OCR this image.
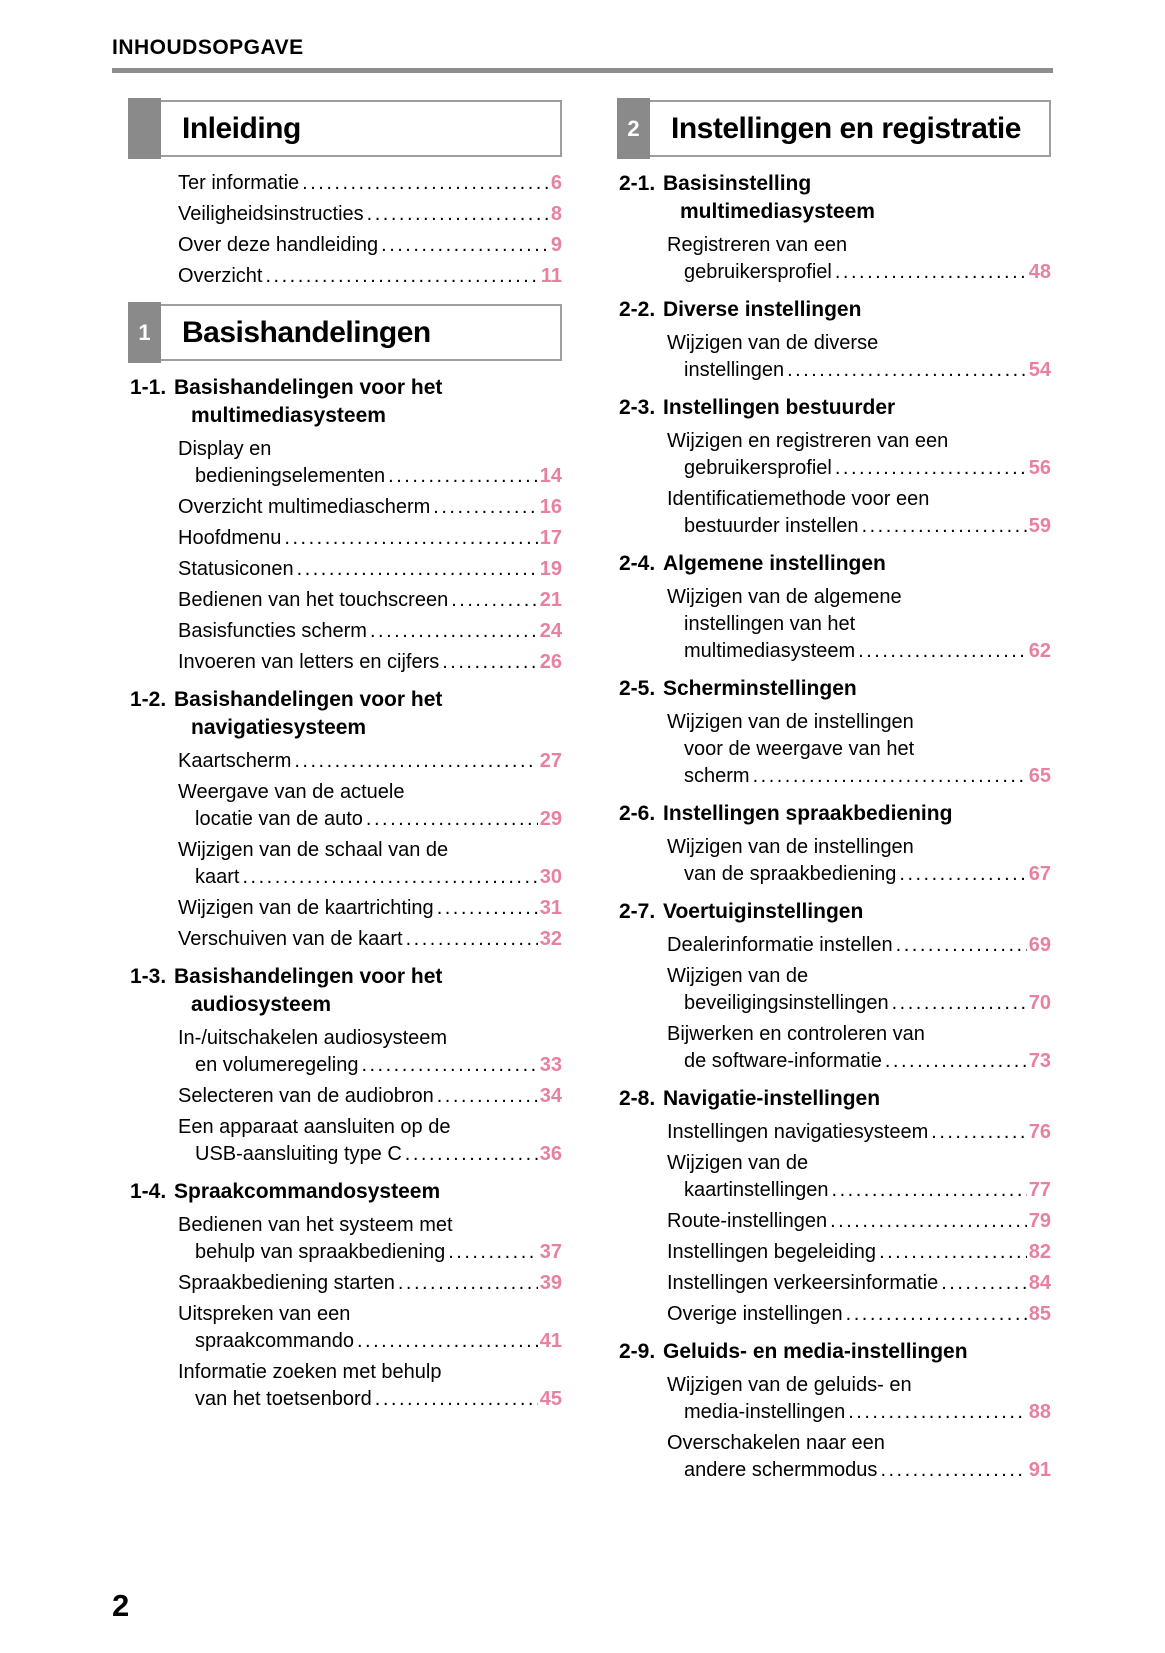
INHOUDSOPGAVE
Inleiding
Ter informatie .....	6
Veiligheidsinstructies .....	8
Over deze handleiding .....	9
Overzicht .....	11
1 Basishandelingen
1-1. Basishandelingen voor het
multimediasysteem
Display en
bedieningselementen .....	14
Overzicht multimediascherm .....	16
Hoofdmenu .....	17
Statusiconen .....	19
Bedienen van het touchscreen .....	21
Basisfuncties scherm .....	24
Invoeren van letters en cijfers .....	26
1-2. Basishandelingen voor het
navigatiesysteem
Kaartscherm .....	27
Weergave van de actuele
locatie van de auto .....	29
Wijzigen van de schaal van de
kaart .....	30
Wijzigen van de kaartrichting .....	31
Verschuiven van de kaart .....	32
1-3. Basishandelingen voor het
audiosysteem
In-/uitschakelen audiosysteem
en volumeregeling .....	33
Selecteren van de audiobron .....	34
Een apparaat aansluiten op de
USB-aansluiting type C .....	36
1-4. Spraakcommandosysteem
Bedienen van het systeem met
behulp van spraakbediening .....	37
Spraakbediening starten .....	39
Uitspreken van een
spraakcommando .....	41
Informatie zoeken met behulp
van het toetsenbord .....	45
2 Instellingen en registratie
2-1. Basisinstelling
multimediasysteem
Registreren van een
gebruikersprofiel .....	48
2-2. Diverse instellingen
Wijzigen van de diverse
instellingen .....	54
2-3. Instellingen bestuurder
Wijzigen en registreren van een
gebruikersprofiel .....	56
Identificatiemethode voor een
bestuurder instellen .....	59
2-4. Algemene instellingen
Wijzigen van de algemene
instellingen van het
multimediasysteem .....	62
2-5. Scherminstellingen
Wijzigen van de instellingen
voor de weergave van het
scherm .....	65
2-6. Instellingen spraakbediening
Wijzigen van de instellingen
van de spraakbediening .....	67
2-7. Voertuiginstellingen
Dealerinformatie instellen .....	69
Wijzigen van de
beveiligingsinstellingen .....	70
Bijwerken en controleren van
de software-informatie .....	73
2-8. Navigatie-instellingen
Instellingen navigatiesysteem .....	76
Wijzigen van de
kaartinstellingen .....	77
Route-instellingen .....	79
Instellingen begeleiding .....	82
Instellingen verkeersinformatie .....	84
Overige instellingen .....	85
2-9. Geluids- en media-instellingen
Wijzigen van de geluids- en
media-instellingen .....	88
Overschakelen naar een
andere schermmodus .....	91
2
